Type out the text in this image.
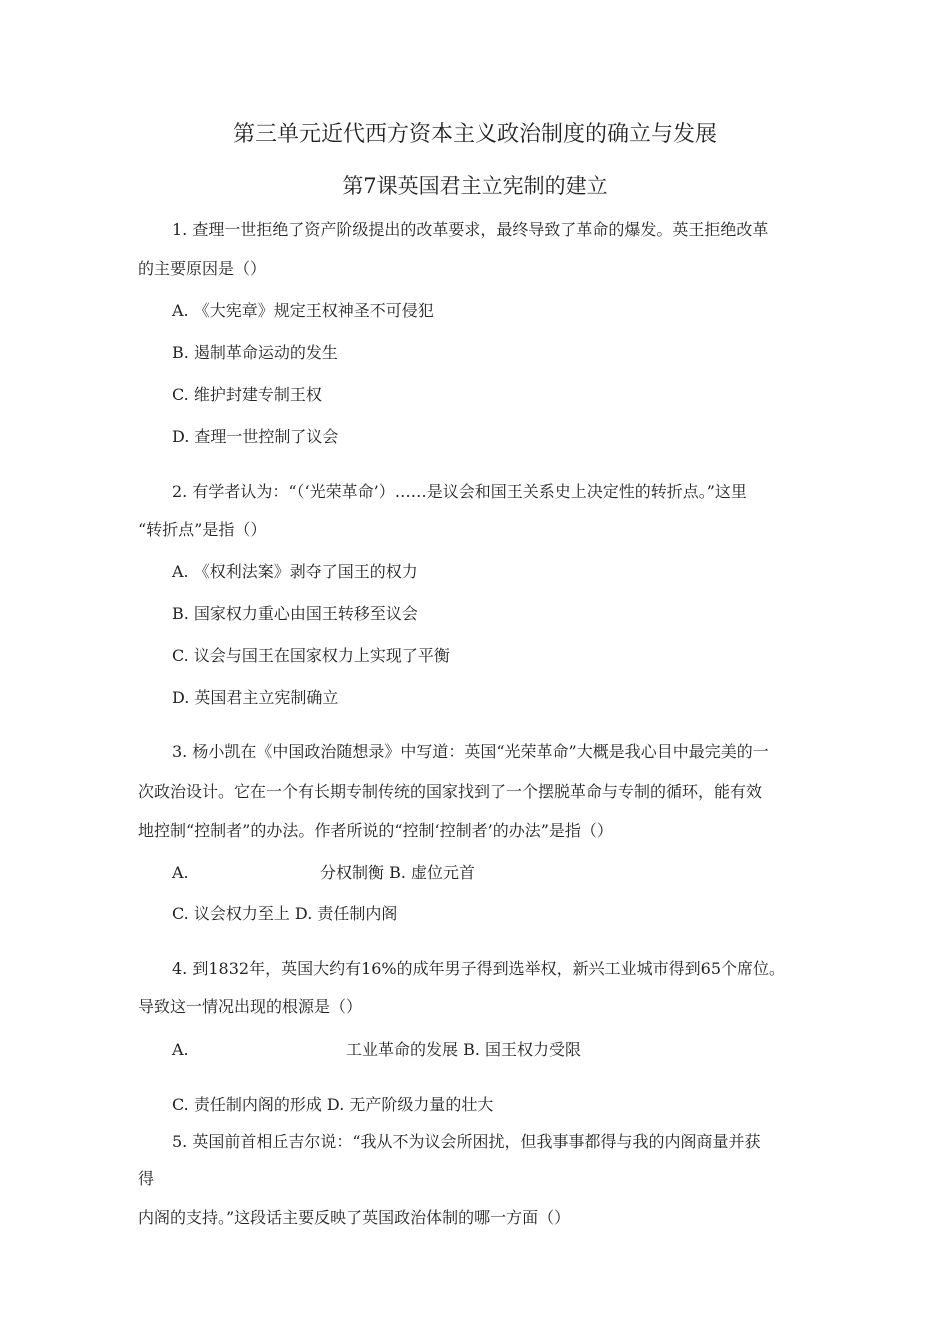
第三单元近代西方资本主义政治制度的确立与发展
第7课英国君主立宪制的建立
1. 查理一世拒绝了资产阶级提出的改革要求，最终导致了革命的爆发。英王拒绝改革
的主要原因是（）
A. 《大宪章》规定王权神圣不可侵犯
B. 遏制革命运动的发生
C. 维护封建专制王权
D. 查理一世控制了议会
2. 有学者认为：“（‘光荣革命’）……是议会和国王关系史上决定性的转折点。”这里
“转折点”是指（）
A. 《权利法案》剥夺了国王的权力
B. 国家权力重心由国王转移至议会
C. 议会与国王在国家权力上实现了平衡
D. 英国君主立宪制确立
3. 杨小凯在《中国政治随想录》中写道：英国“光荣革命”大概是我心目中最完美的一
次政治设计。它在一个有长期专制传统的国家找到了一个摆脱革命与专制的循环，能有效
地控制“控制者”的办法。作者所说的“控制‘控制者’的办法”是指（）
A.	分权制衡 B. 虚位元首
C. 议会权力至上 D. 责任制内阁
4. 到1832年，英国大约有16%的成年男子得到选举权，新兴工业城市得到65个席位。
导致这一情况出现的根源是（）
A.	工业革命的发展 B. 国王权力受限
C. 责任制内阁的形成 D. 无产阶级力量的壮大
5. 英国前首相丘吉尔说：“我从不为议会所困扰，但我事事都得与我的内阁商量并获
得
内阁的支持。”这段话主要反映了英国政治体制的哪一方面（）
